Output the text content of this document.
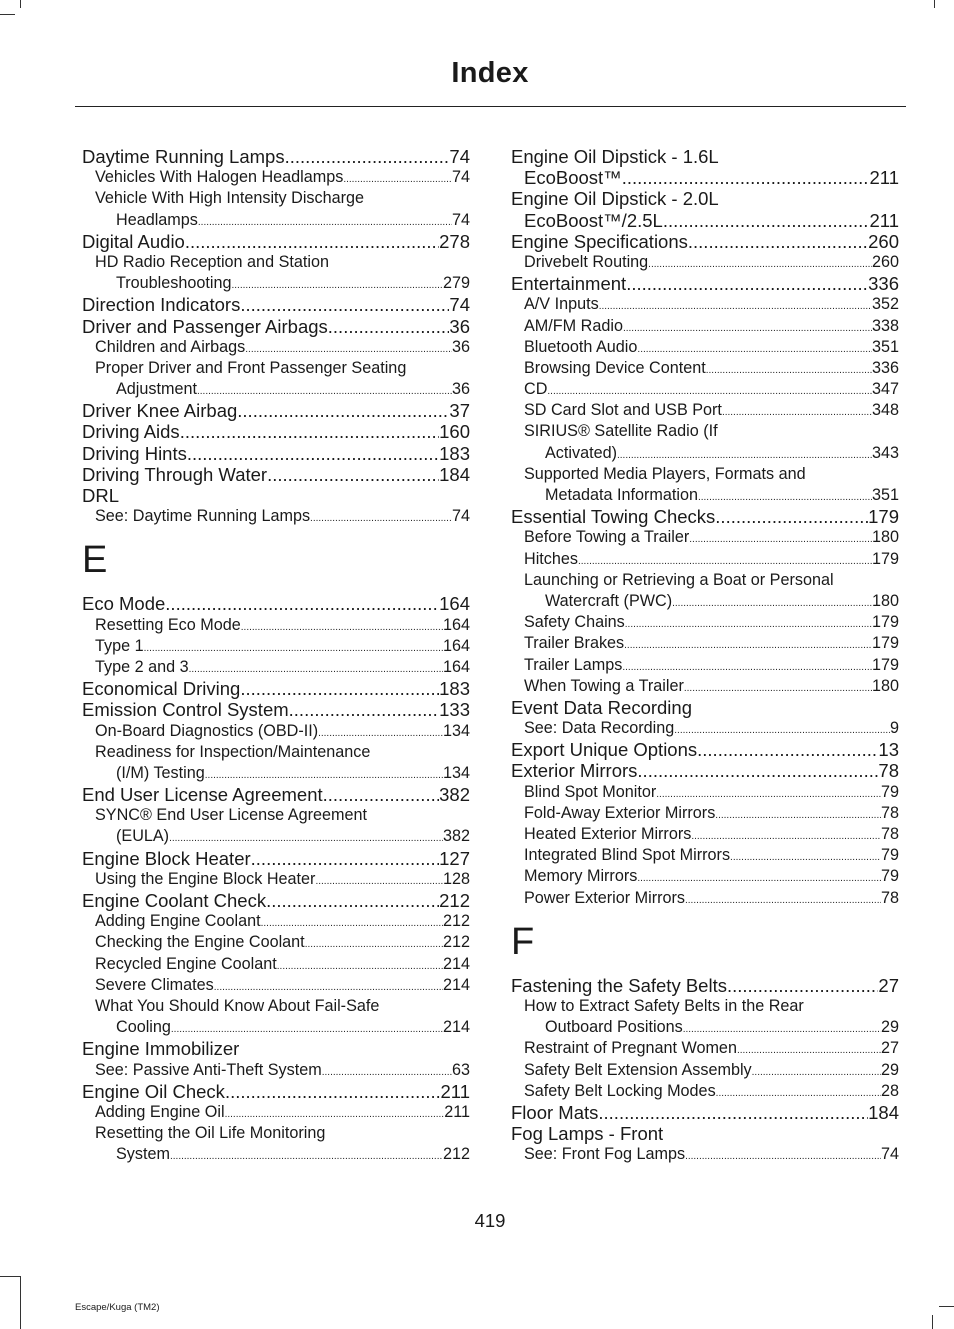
Index
Daytime Running Lamps .....	74
Vehicles With Halogen Headlamps .....	74
Vehicle With High Intensity Discharge
Headlamps .....	74
Digital Audio .....	278
HD Radio Reception and Station
Troubleshooting .....	279
Direction Indicators .....	74
Driver and Passenger Airbags .....	36
Children and Airbags .....	36
Proper Driver and Front Passenger Seating
Adjustment .....	36
Driver Knee Airbag .....	37
Driving Aids .....	160
Driving Hints .....	183
Driving Through Water .....	184
DRL
See: Daytime Running Lamps .....	74
E
Eco Mode .....	164
Resetting Eco Mode .....	164
Type 1 .....	164
Type 2 and 3 .....	164
Economical Driving .....	183
Emission Control System .....	133
On-Board Diagnostics (OBD-II) .....	134
Readiness for Inspection/Maintenance
(I/M) Testing .....	134
End User License Agreement .....	382
SYNC® End User License Agreement
(EULA) .....	382
Engine Block Heater .....	127
Using the Engine Block Heater .....	128
Engine Coolant Check .....	212
Adding Engine Coolant .....	212
Checking the Engine Coolant .....	212
Recycled Engine Coolant .....	214
Severe Climates .....	214
What You Should Know About Fail-Safe
Cooling .....	214
Engine Immobilizer
See: Passive Anti-Theft System .....	63
Engine Oil Check .....	211
Adding Engine Oil .....	211
Resetting the Oil Life Monitoring
System .....	212
Engine Oil Dipstick - 1.6L
EcoBoost™ .....	211
Engine Oil Dipstick - 2.0L
EcoBoost™/2.5L .....	211
Engine Specifications .....	260
Drivebelt Routing .....	260
Entertainment .....	336
A/V Inputs .....	352
AM/FM Radio .....	338
Bluetooth Audio .....	351
Browsing Device Content .....	336
CD .....	347
SD Card Slot and USB Port .....	348
SIRIUS® Satellite Radio (If
Activated) .....	343
Supported Media Players, Formats and
Metadata Information .....	351
Essential Towing Checks .....	179
Before Towing a Trailer .....	180
Hitches .....	179
Launching or Retrieving a Boat or Personal
Watercraft (PWC) .....	180
Safety Chains .....	179
Trailer Brakes .....	179
Trailer Lamps .....	179
When Towing a Trailer .....	180
Event Data Recording
See: Data Recording .....	9
Export Unique Options .....	13
Exterior Mirrors .....	78
Blind Spot Monitor .....	79
Fold-Away Exterior Mirrors .....	78
Heated Exterior Mirrors .....	78
Integrated Blind Spot Mirrors .....	79
Memory Mirrors .....	79
Power Exterior Mirrors .....	78
F
Fastening the Safety Belts .....	27
How to Extract Safety Belts in the Rear
Outboard Positions .....	29
Restraint of Pregnant Women .....	27
Safety Belt Extension Assembly .....	29
Safety Belt Locking Modes .....	28
Floor Mats .....	184
Fog Lamps - Front
See: Front Fog Lamps .....	74
419
Escape/Kuga (TM2)
